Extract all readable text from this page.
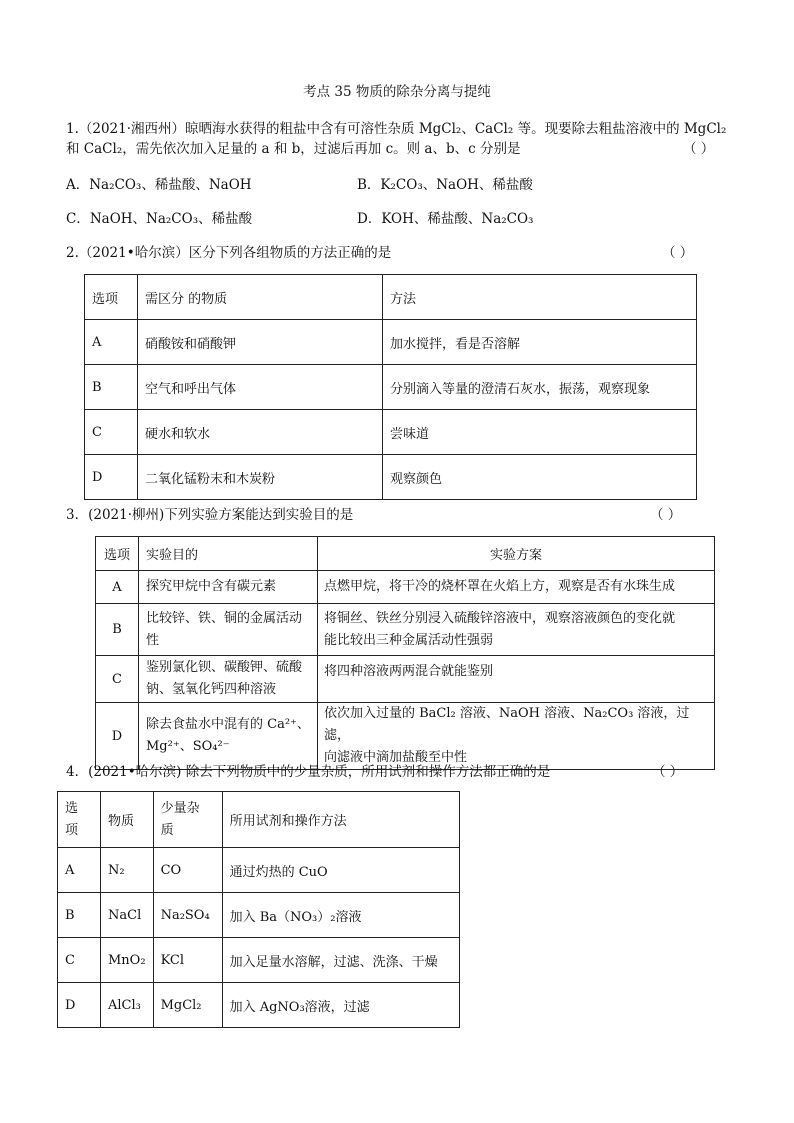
考点 35 物质的除杂分离与提纯
1.（2021·湘西州）晾晒海水获得的粗盐中含有可溶性杂质 MgCl₂、CaCl₂ 等。现要除去粗盐溶液中的 MgCl₂
和 CaCl₂，需先依次加入足量的 a 和 b，过滤后再加 c。则 a、b、c 分别是	（ ）
A．Na₂CO₃、稀盐酸、NaOH	B．K₂CO₃、NaOH、稀盐酸
C．NaOH、Na₂CO₃、稀盐酸	D．KOH、稀盐酸、Na₂CO₃
2.（2021•哈尔滨）区分下列各组物质的方法正确的是	（ ）
选项	需区分 的物质	方法
A	硝酸铵和硝酸钾	加水搅拌，看是否溶解
B	空气和呼出气体	分别滴入等量的澄清石灰水，振荡，观察现象
C	硬水和软水	尝味道
D	二氧化锰粉末和木炭粉	观察颜色
3．(2021·柳州)下列实验方案能达到实验目的是	（ ）
选项	实验目的	实验方案
A	探究甲烷中含有碳元素	点燃甲烷，将干冷的烧杯罩在火焰上方，观察是否有水珠生成
B	比较锌、铁、铜的金属活动
性	将铜丝、铁丝分别浸入硫酸锌溶液中，观察溶液颜色的变化就
能比较出三种金属活动性强弱
C	鉴别氯化钡、碳酸钾、硫酸
钠、氢氧化钙四种溶液	将四种溶液两两混合就能鉴别
D	除去食盐水中混有的 Ca²⁺、
Mg²⁺、SO₄²⁻	依次加入过量的 BaCl₂ 溶液、NaOH 溶液、Na₂CO₃ 溶液，过滤，
向滤液中滴加盐酸至中性
4．(2021•哈尔滨) 除去下列物质中的少量杂质，所用试剂和操作方法都正确的是	（ ）
选
项	物质	少量杂
质	所用试剂和操作方法
A	N₂	CO	通过灼热的 CuO
B	NaCl	Na₂SO₄	加入 Ba（NO₃）₂溶液
C	MnO₂	KCl	加入足量水溶解，过滤、洗涤、干燥
D	AlCl₃	MgCl₂	加入 AgNO₃溶液，过滤
